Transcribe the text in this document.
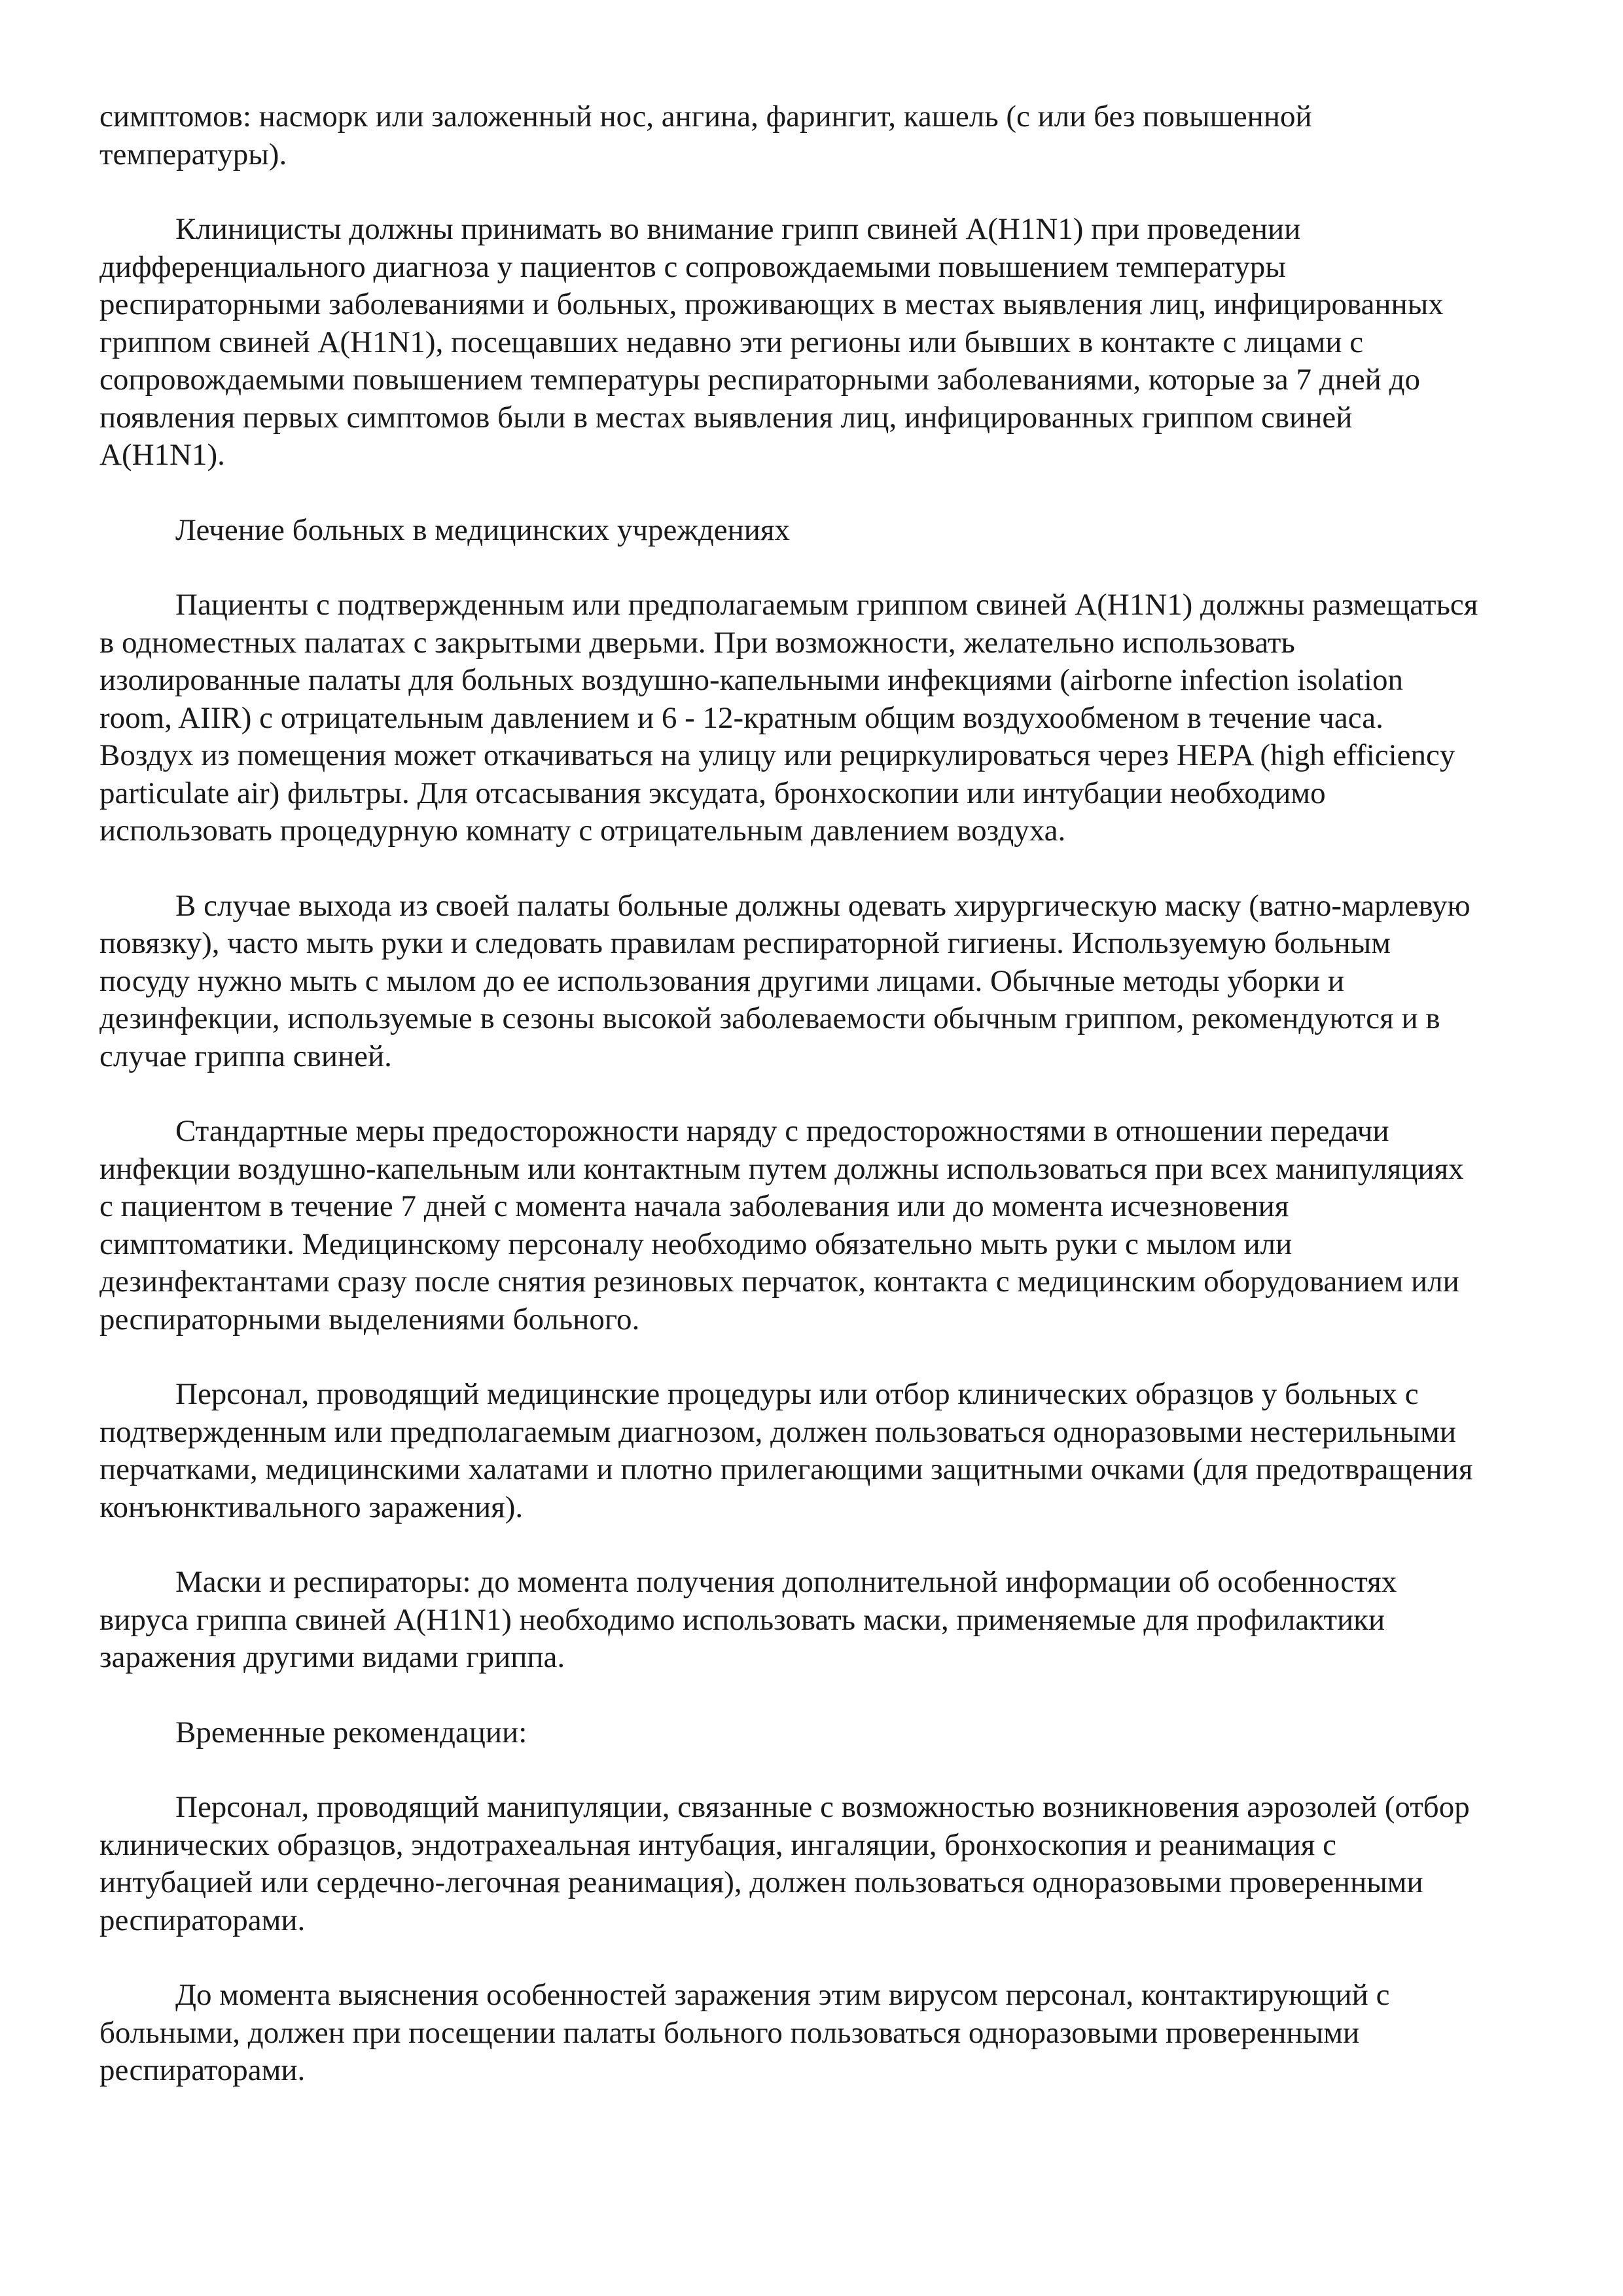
симптомов: насморк или заложенный нос, ангина, фарингит, кашель (с или без повышенной температуры).

Клиницисты должны принимать во внимание грипп свиней A(H1N1) при проведении дифференциального диагноза у пациентов с сопровождаемыми повышением температуры респираторными заболеваниями и больных, проживающих в местах выявления лиц, инфицированных гриппом свиней A(H1N1), посещавших недавно эти регионы или бывших в контакте с лицами с сопровождаемыми повышением температуры респираторными заболеваниями, которые за 7 дней до появления первых симптомов были в местах выявления лиц, инфицированных гриппом свиней A(H1N1).

Лечение больных в медицинских учреждениях

Пациенты с подтвержденным или предполагаемым гриппом свиней A(H1N1) должны размещаться в одноместных палатах с закрытыми дверьми. При возможности, желательно использовать изолированные палаты для больных воздушно-капельными инфекциями (airborne infection isolation room, AIIR) с отрицательным давлением и 6 - 12-кратным общим воздухообменом в течение часа. Воздух из помещения может откачиваться на улицу или рециркулироваться через HEPA (high efficiency particulate air) фильтры. Для отсасывания эксудата, бронхоскопии или интубации необходимо использовать процедурную комнату с отрицательным давлением воздуха.

В случае выхода из своей палаты больные должны одевать хирургическую маску (ватно-марлевую повязку), часто мыть руки и следовать правилам респираторной гигиены. Используемую больным посуду нужно мыть с мылом до ее использования другими лицами. Обычные методы уборки и дезинфекции, используемые в сезоны высокой заболеваемости обычным гриппом, рекомендуются и в случае гриппа свиней.

Стандартные меры предосторожности наряду с предосторожностями в отношении передачи инфекции воздушно-капельным или контактным путем должны использоваться при всех манипуляциях с пациентом в течение 7 дней с момента начала заболевания или до момента исчезновения симптоматики. Медицинскому персоналу необходимо обязательно мыть руки с мылом или дезинфектантами сразу после снятия резиновых перчаток, контакта с медицинским оборудованием или респираторными выделениями больного.

Персонал, проводящий медицинские процедуры или отбор клинических образцов у больных с подтвержденным или предполагаемым диагнозом, должен пользоваться одноразовыми нестерильными перчатками, медицинскими халатами и плотно прилегающими защитными очками (для предотвращения конъюнктивального заражения).

Маски и респираторы: до момента получения дополнительной информации об особенностях вируса гриппа свиней A(H1N1) необходимо использовать маски, применяемые для профилактики заражения другими видами гриппа.

Временные рекомендации:

Персонал, проводящий манипуляции, связанные с возможностью возникновения аэрозолей (отбор клинических образцов, эндотрахеальная интубация, ингаляции, бронхоскопия и реанимация с интубацией или сердечно-легочная реанимация), должен пользоваться одноразовыми проверенными респираторами.

До момента выяснения особенностей заражения этим вирусом персонал, контактирующий с больными, должен при посещении палаты больного пользоваться одноразовыми проверенными респираторами.
